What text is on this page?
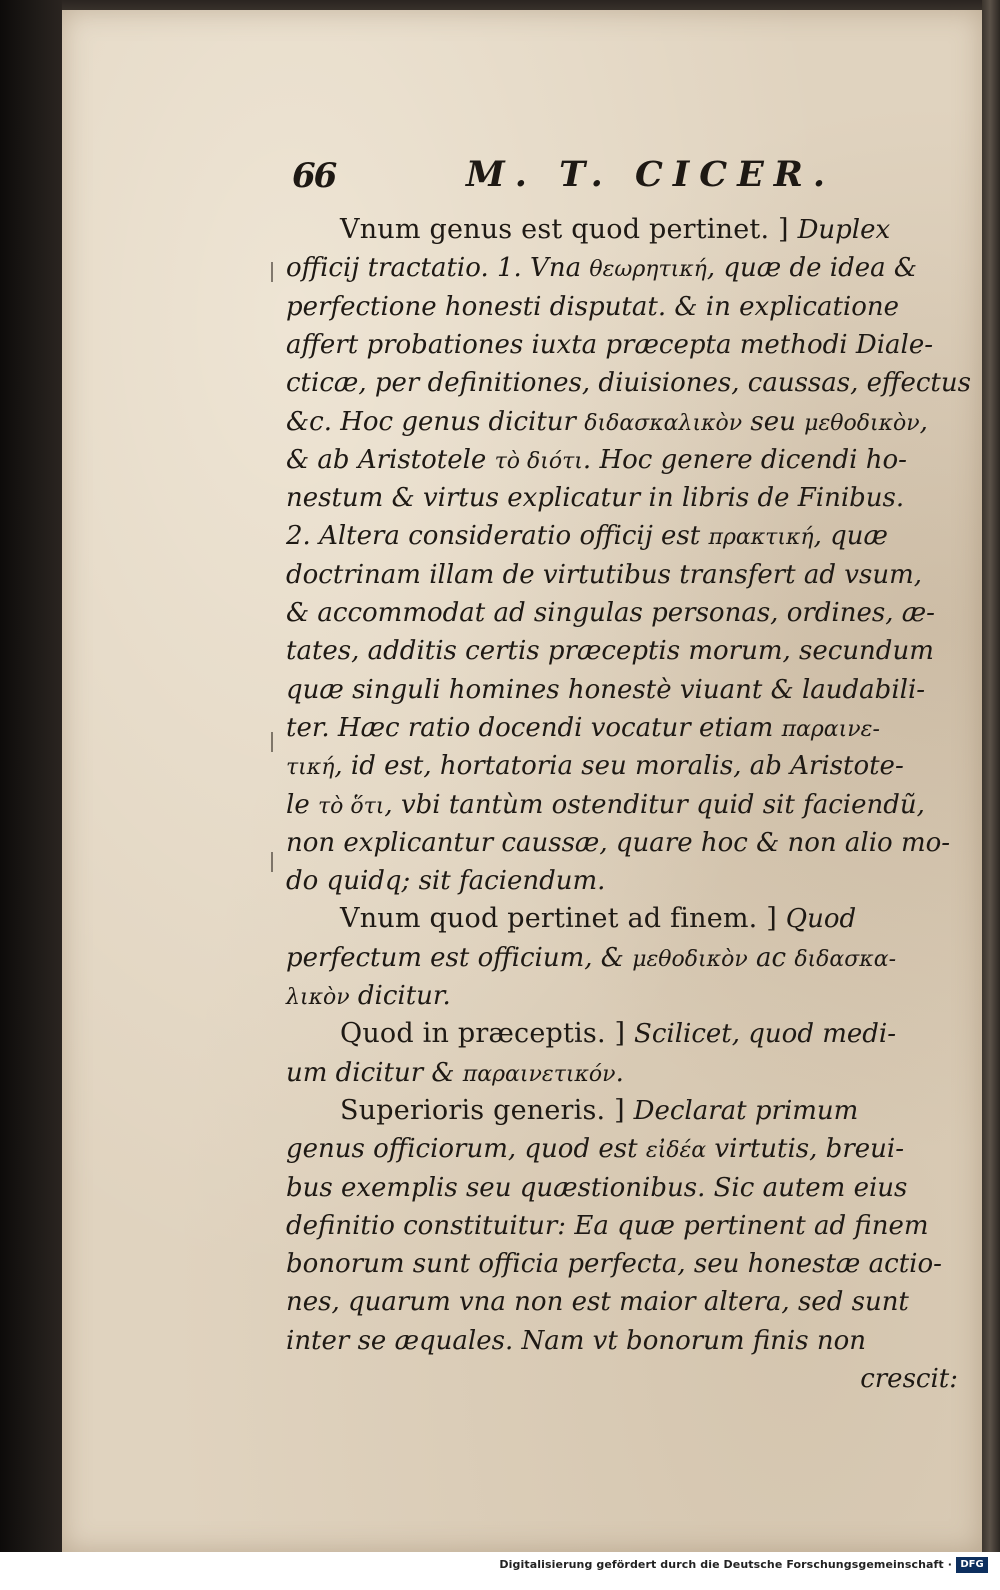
66	M. T. CICER.
Vnum genus est quod pertinet. ] Duplex
officij tractatio. 1. Vna θεωρητική, quæ de idea &
perfectione honesti disputat. & in explicatione
affert probationes iuxta præcepta methodi Diale-
cticæ, per definitiones, diuisiones, caussas, effectus
&c. Hoc genus dicitur διδασκαλικὸν seu μεθοδικὸν,
& ab Aristotele τὸ διότι. Hoc genere dicendi ho-
nestum & virtus explicatur in libris de Finibus.
2. Altera consideratio officij est πρακτική, quæ
doctrinam illam de virtutibus transfert ad vsum,
& accommodat ad singulas personas, ordines, æ-
tates, additis certis præceptis morum, secundum
quæ singuli homines honestè viuant & laudabili-
ter. Hæc ratio docendi vocatur etiam παραινε-
τική, id est, hortatoria seu moralis, ab Aristote-
le τὸ ὅτι, vbi tantùm ostenditur quid sit faciendũ,
non explicantur caussæ, quare hoc & non alio mo-
do quidq; sit faciendum.
Vnum quod pertinet ad finem. ] Quod
perfectum est officium, & μεθοδικὸν ac διδασκα-
λικὸν dicitur.
Quod in præceptis. ] Scilicet, quod medi-
um dicitur & παραινετικόν.
Superioris generis. ] Declarat primum
genus officiorum, quod est εἰδέα virtutis, breui-
bus exemplis seu quæstionibus. Sic autem eius
definitio constituitur: Ea quæ pertinent ad finem
bonorum sunt officia perfecta, seu honestæ actio-
nes, quarum vna non est maior altera, sed sunt
inter se æquales. Nam vt bonorum finis non
crescit:
Digitalisierung gefördert durch die Deutsche Forschungsgemeinschaft · DFG
